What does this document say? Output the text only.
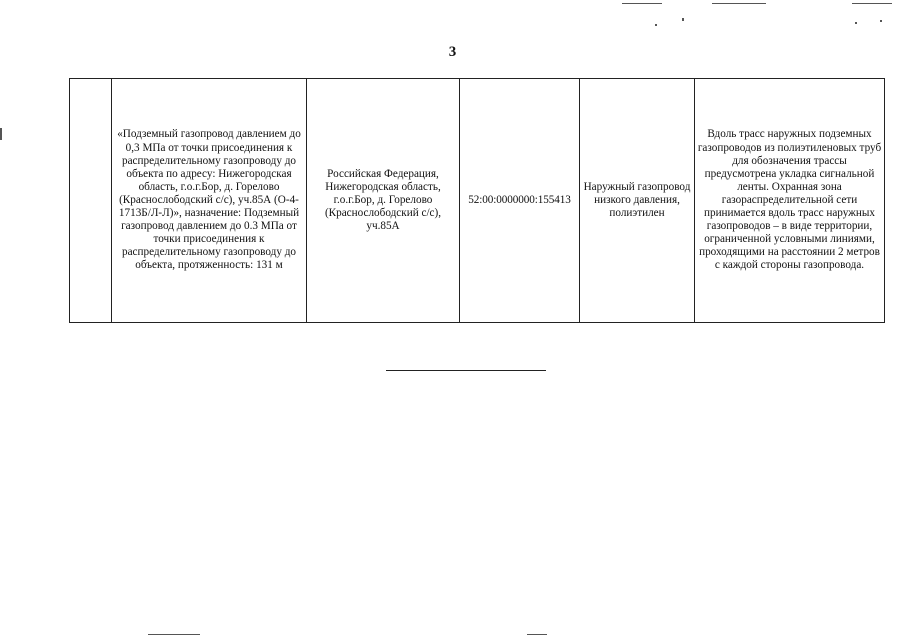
3
	«Подземный газопровод давлением до 0,3 МПа от точки присоединения к распределительному газопроводу до объекта по адресу: Нижегородская область, г.о.г.Бор, д. Горелово (Краснослободский с/с), уч.85А (О-4-1713Б/Л-Л)», назначение: Подземный газопровод давлением до 0.3 МПа от точки присоединения к распределительному газопроводу до объекта, протяженность: 131 м	Российская Федерация, Нижегородская область, г.о.г.Бор, д. Горелово (Краснослободский с/с), уч.85А	52:00:0000000:155413	Наружный газопровод низкого давления, полиэтилен	Вдоль трасс наружных подземных газопроводов из полиэтиленовых труб для обозначения трассы предусмотрена укладка сигнальной ленты. Охранная зона газораспределительной сети принимается вдоль трасс наружных газопроводов – в виде территории, ограниченной условными линиями, проходящими на расстоянии 2 метров с каждой стороны газопровода.
